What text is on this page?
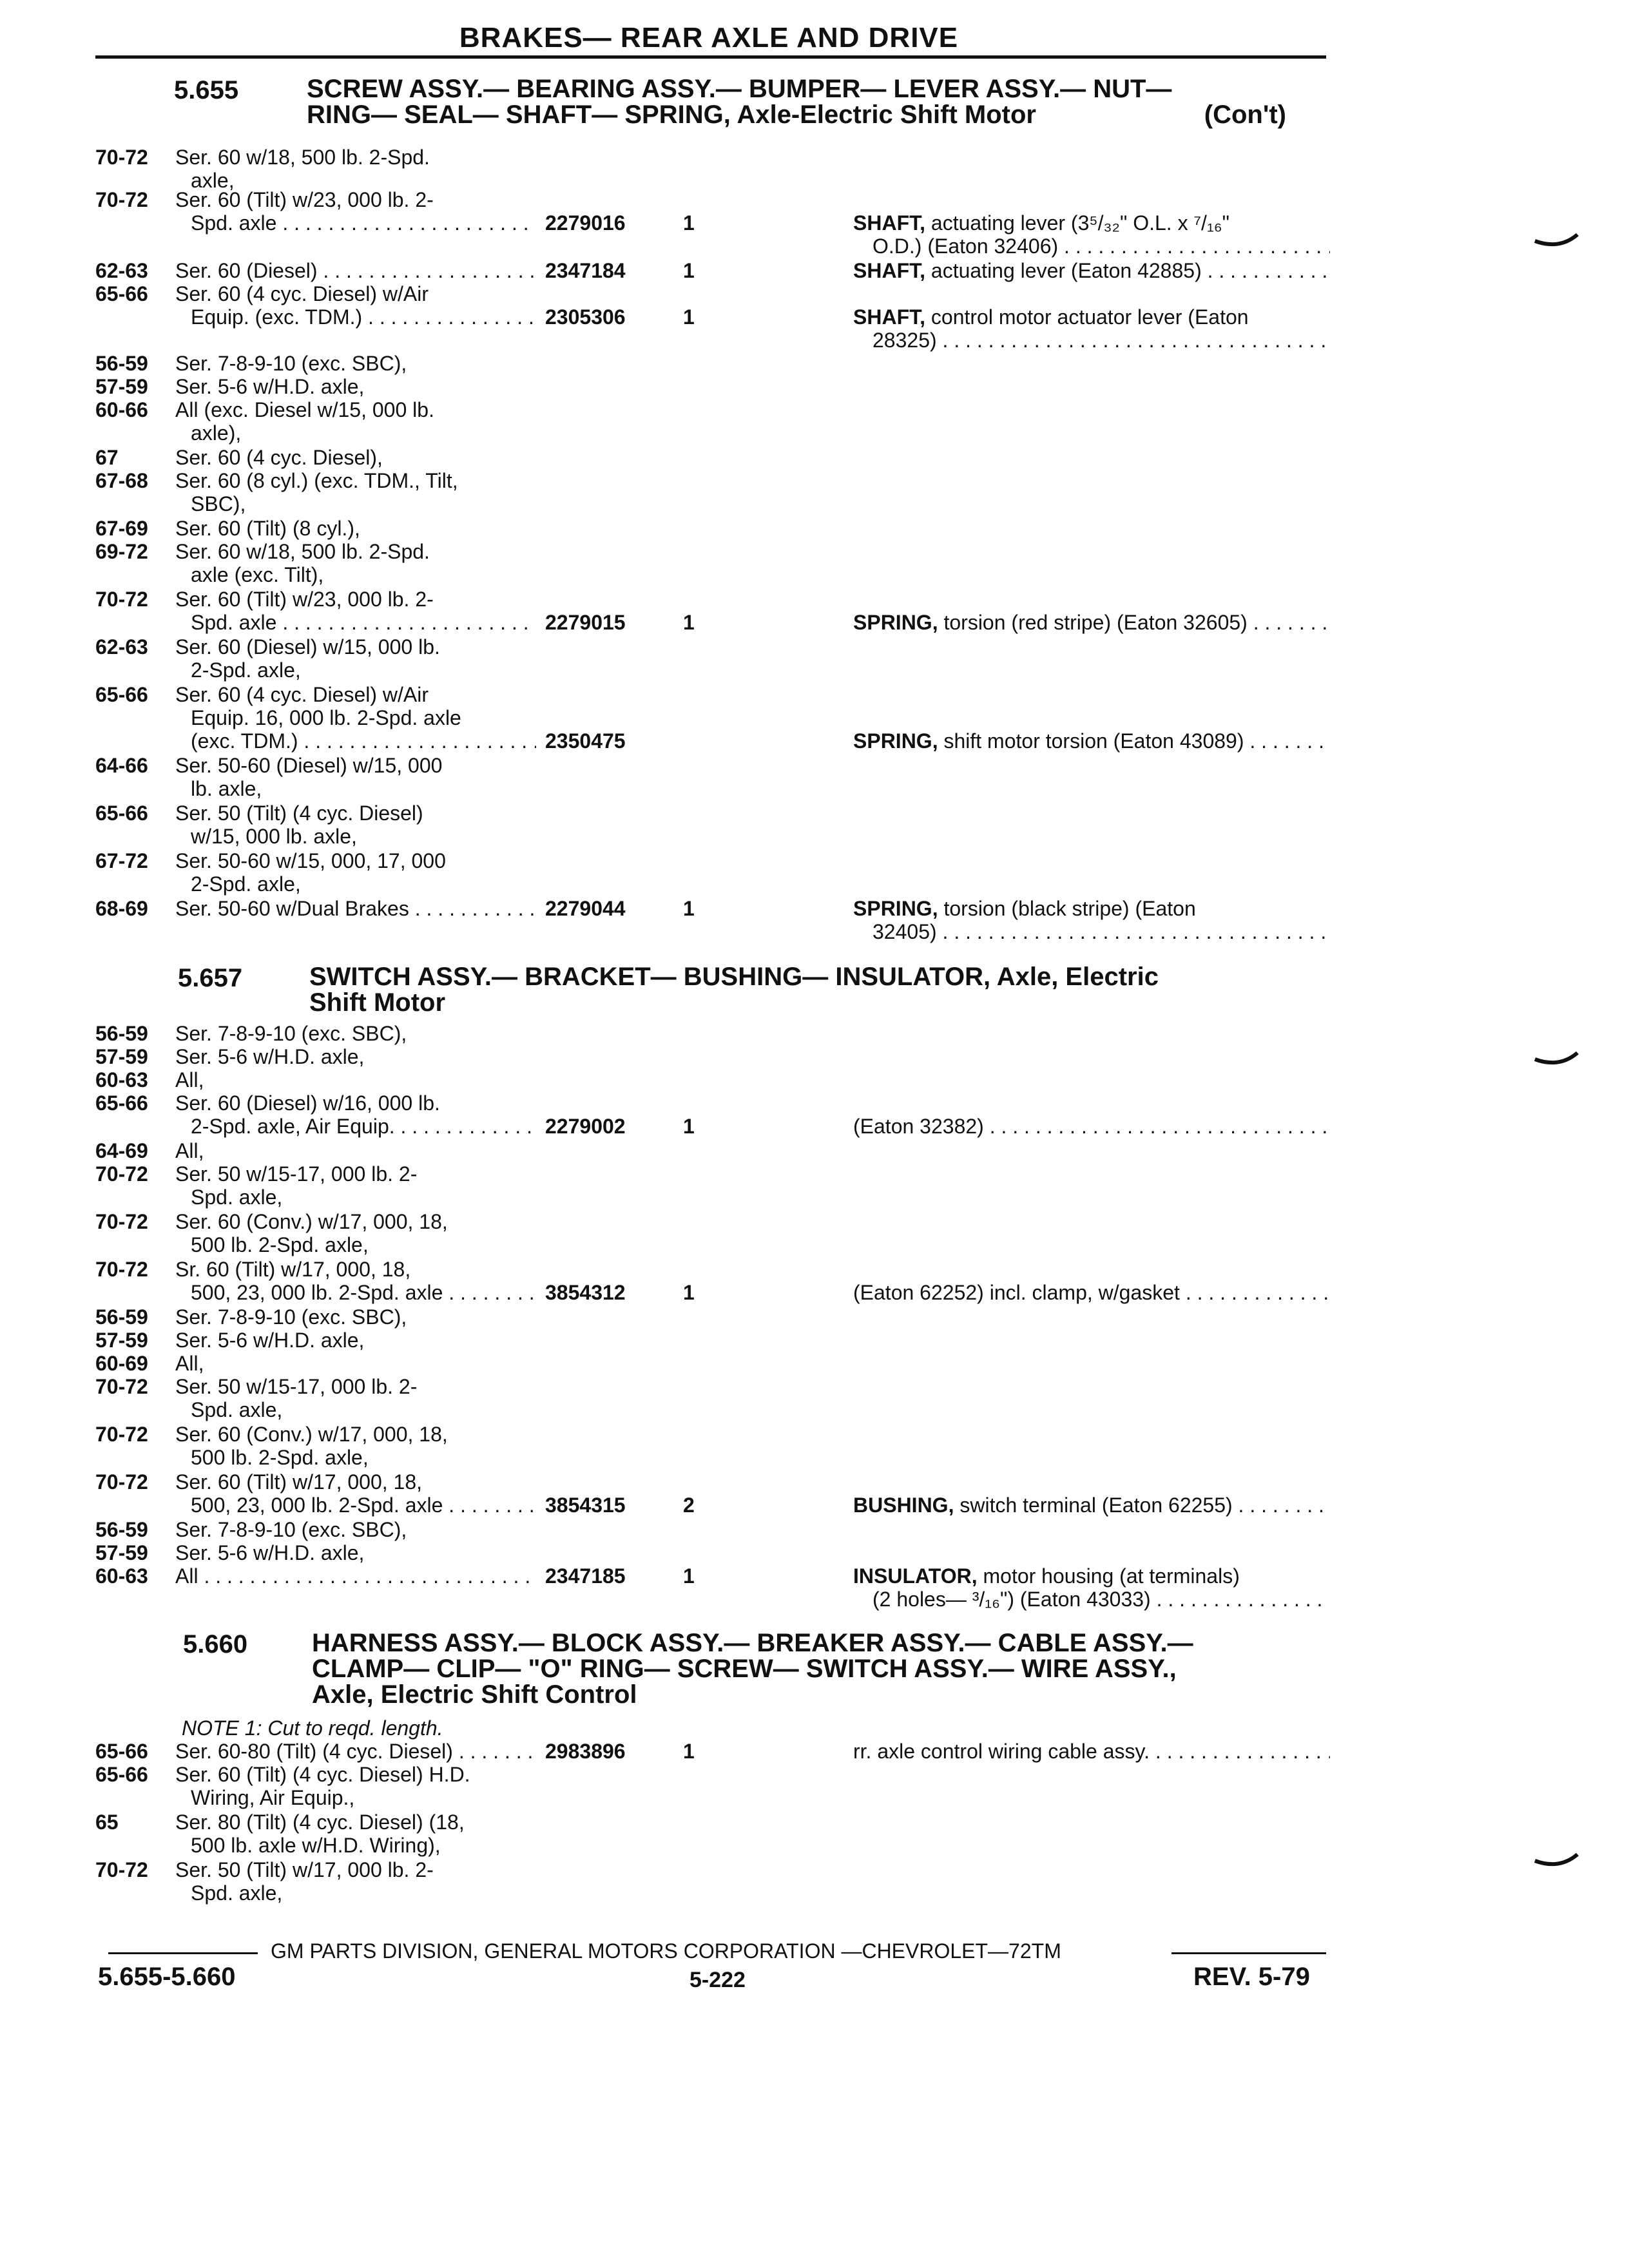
BRAKES— REAR AXLE AND DRIVE
5.655	SCREW ASSY.— BEARING ASSY.— BUMPER— LEVER ASSY.— NUT—
RING— SEAL— SHAFT— SPRING, Axle-Electric Shift Motor	(Con't)
5.657	SWITCH ASSY.— BRACKET— BUSHING— INSULATOR, Axle, Electric
Shift Motor
5.660 HARNESS ASSY.— BLOCK ASSY.— BREAKER ASSY.— CABLE ASSY.—
CLAMP— CLIP— "O" RING— SCREW— SWITCH ASSY.— WIRE ASSY.,
Axle, Electric Shift Control
NOTE 1: Cut to reqd. length.
70-72 Ser. 60 w/18, 500 lb. 2-Spd.
axle,
70-72 Ser. 60 (Tilt) w/23, 000 lb. 2-
Spd. axle . . .	2279016	1	SHAFT, actuating lever (3⁵/₃₂" O.L. x ⁷/₁₆"
O.D.) (Eaton 32406) . . .
62-63 Ser. 60 (Diesel) . . .	2347184	1	SHAFT, actuating lever (Eaton 42885) . . .
65-66 Ser. 60 (4 cyc. Diesel) w/Air
Equip. (exc. TDM.) . . .	2305306	1	SHAFT, control motor actuator lever (Eaton
28325) . . .
56-59 Ser. 7-8-9-10 (exc. SBC),
57-59 Ser. 5-6 w/H.D. axle,
60-66 All (exc. Diesel w/15, 000 lb.
axle),
67	Ser. 60 (4 cyc. Diesel),
67-68 Ser. 60 (8 cyl.) (exc. TDM., Tilt,
SBC),
67-69 Ser. 60 (Tilt) (8 cyl.),
69-72 Ser. 60 w/18, 500 lb. 2-Spd.
axle (exc. Tilt),
70-72 Ser. 60 (Tilt) w/23, 000 lb. 2-
Spd. axle . . .	2279015	1	SPRING, torsion (red stripe) (Eaton 32605) . . .
62-63 Ser. 60 (Diesel) w/15, 000 lb.
2-Spd. axle,
65-66 Ser. 60 (4 cyc. Diesel) w/Air
Equip. 16, 000 lb. 2-Spd. axle
(exc. TDM.) . . .	2350475	SPRING, shift motor torsion (Eaton 43089) . . .
64-66 Ser. 50-60 (Diesel) w/15, 000
lb. axle,
65-66 Ser. 50 (Tilt) (4 cyc. Diesel)
w/15, 000 lb. axle,
67-72 Ser. 50-60 w/15, 000, 17, 000
2-Spd. axle,
68-69 Ser. 50-60 w/Dual Brakes . . .	2279044	1	SPRING, torsion (black stripe) (Eaton
32405) . . .
56-59 Ser. 7-8-9-10 (exc. SBC),
57-59 Ser. 5-6 w/H.D. axle,
60-63 All,
65-66 Ser. 60 (Diesel) w/16, 000 lb.
2-Spd. axle, Air Equip. . . .	2279002	1	(Eaton 32382) . . .
64-69 All,
70-72 Ser. 50 w/15-17, 000 lb. 2-
Spd. axle,
70-72 Ser. 60 (Conv.) w/17, 000, 18,
500 lb. 2-Spd. axle,
70-72 Sr. 60 (Tilt) w/17, 000, 18,
500, 23, 000 lb. 2-Spd. axle . . .	3854312	1	(Eaton 62252) incl. clamp, w/gasket . . .
56-59 Ser. 7-8-9-10 (exc. SBC),
57-59 Ser. 5-6 w/H.D. axle,
60-69 All,
70-72 Ser. 50 w/15-17, 000 lb. 2-
Spd. axle,
70-72 Ser. 60 (Conv.) w/17, 000, 18,
500 lb. 2-Spd. axle,
70-72 Ser. 60 (Tilt) w/17, 000, 18,
500, 23, 000 lb. 2-Spd. axle . . .	3854315	2	BUSHING, switch terminal (Eaton 62255) . . .
56-59 Ser. 7-8-9-10 (exc. SBC),
57-59 Ser. 5-6 w/H.D. axle,
60-63 All . . .	2347185	1	INSULATOR, motor housing (at terminals)
(2 holes— ³/₁₆") (Eaton 43033) . . .
65-66 Ser. 60-80 (Tilt) (4 cyc. Diesel) . . .	2983896	1	rr. axle control wiring cable assy. . . .
65-66 Ser. 60 (Tilt) (4 cyc. Diesel) H.D.
Wiring, Air Equip.,
65	Ser. 80 (Tilt) (4 cyc. Diesel) (18,
500 lb. axle w/H.D. Wiring),
70-72 Ser. 50 (Tilt) w/17, 000 lb. 2-
Spd. axle,
GM PARTS DIVISION, GENERAL MOTORS CORPORATION —CHEVROLET—72TM
5.655-5.660	5-222	REV. 5-79
